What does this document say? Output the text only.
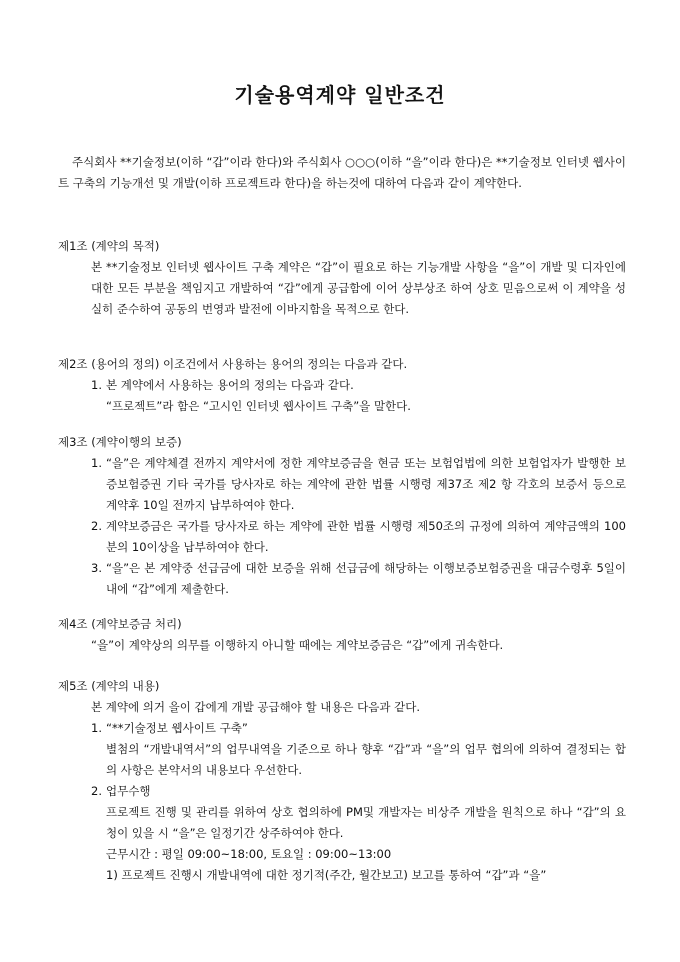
기술용역계약 일반조건
주식회사 **기술정보(이하 “갑”이라 한다)와 주식회사 ○○○(이하 “을”이라 한다)은 **기술정보 인터넷 웹사이트 구축의 기능개선 및 개발(이하 프로젝트라 한다)을 하는것에 대하여 다음과 같이 계약한다.
제1조 (계약의 목적)
본 **기술정보 인터넷 웹사이트 구축 계약은 “갑”이 필요로 하는 기능개발 사항을 “을”이 개발 및 디자인에 대한 모든 부분을 책임지고 개발하여 “갑”에게 공급함에 이어 상부상조 하여 상호 믿음으로써 이 계약을 성실히 준수하여 공동의 번영과 발전에 이바지함을 목적으로 한다.
제2조 (용어의 정의) 이조건에서 사용하는 용어의 정의는 다음과 같다.
1. 본 계약에서 사용하는 용어의 정의는 다음과 같다.
“프로젝트”라 함은 “고시인 인터넷 웹사이트 구축”을 말한다.
제3조 (계약이행의 보증)
1. “을”은 계약체결 전까지 계약서에 정한 계약보증금을 현금 또는 보험업법에 의한 보험업자가 발행한 보증보험증권 기타 국가를 당사자로 하는 계약에 관한 법률 시행령 제37조 제2 항 각호의 보증서 등으로 계약후 10일 전까지 납부하여야 한다.
2. 계약보증금은 국가를 당사자로 하는 계약에 관한 법률 시행령 제50조의 규정에 의하여 계약금액의 100분의 10이상을 납부하여야 한다.
3. “을”은 본 계약중 선급금에 대한 보증을 위해 선급금에 해당하는 이행보증보험증권을 대금수령후 5일이내에 “갑”에게 제출한다.
제4조 (계약보증금 처리)
“을”이 계약상의 의무를 이행하지 아니할 때에는 계약보증금은 “갑”에게 귀속한다.
제5조 (계약의 내용)
본 계약에 의거 을이 갑에게 개발 공급해야 할 내용은 다음과 같다.
1. “**기술정보 웹사이트 구축”
별첨의 “개발내역서”의 업무내역을 기준으로 하나 향후 “갑”과 “을”의 업무 협의에 의하여 결정되는 합의 사항은 본약서의 내용보다 우선한다.
2. 업무수행
프로젝트 진행 및 관리를 위하여 상호 협의하에 PM및 개발자는 비상주 개발을 원칙으로 하나 “갑”의 요청이 있을 시 “을”은 일정기간 상주하여야 한다.
근무시간 : 평일 09:00~18:00, 토요일 : 09:00~13:00
1) 프로젝트 진행시 개발내역에 대한 정기적(주간, 월간보고) 보고를 통하여 “갑”과 “을”
